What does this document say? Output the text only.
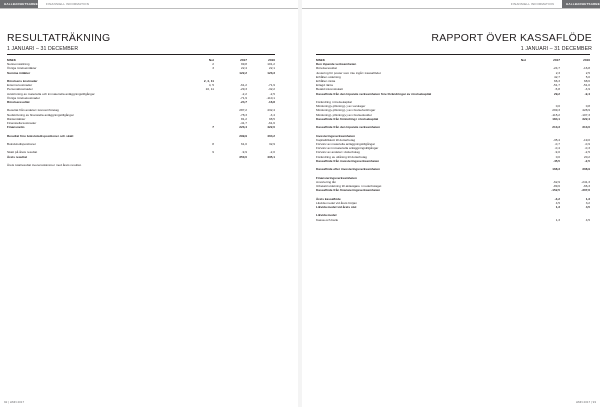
HALLBARHETSARBETE FINANSIELL INFORMATION
RESULTATRÄKNING
1 JANUARI – 31 DECEMBER
MSEK	Not	2017	2016
Nettoomsättning	2	99,8	101,2
Övriga rörelseintäkter	3	22,4	22,1
Summa intäkter		122,2	123,3

Rörelsens kostnader	2, 4, 11		
Externa kostnader	4, 5	-61,2	-71,9
Personalkostnader	10, 11	-29,3	-32,2
Avskrivning av materiella och immateriella anläggningstillgångar		-2,2	-2,5
Övriga rörelsekostnader		-71,9	-110,1
Rörelseresultat		-24,7	-16,8

Resultat från andelar i koncernföretag		287,2	432,4
Nedskrivning av finansiella anläggningstillgångar		-78,3	-3,4
Ränteintäkter		81,2	98,5
Finansiella kostnader		-41,7	-61,6
Finansnetto	7	223,4	422,0

Resultat före bokslutsdispositioner och skatt		299,9	404,2

Bokslutsdispositioner	8	61,0	32,9

Skatt på årets resultat	9	-9,9	-2,0
Årets resultat		350,0	435,1

Årets totalresultat överensstämmer med årets resultat.			
92 | HMN 2017
HALLBARHETSARBETE
FINANSIELL INFORMATION
RAPPORT ÖVER KASSAFLÖDE
1 JANUARI – 31 DECEMBER
MSEK	Not	2017	2016
Den löpande verksamheten			
Rörelseresultat		-24,7	-16,8
Justering för poster som inte ingår i kassaflödet		2,3	2,5
Erhållen utdelning		42,7	5,0
Erhållen ränta		66,3	68,6
Erlagd ränta		-51,7	-51,0
Betald inkomstskatt		-5,8	-3,9
Kassaflöde från den löpande verksamheten före förändringar av rörelsekapital		29,2	-9,4

Förändring i rörelsekapital			
Minskning(+)/ökning(–) av varulager		0,0	0,8
Minskning(+)/ökning(–) av rörelsefordringar		299,3	428,9
Minskning(–)/ökning(+) av rörelseskulder		-115,2	-107,3
Kassaflöde från förändring i rörelsekapital		184,1	322,4

Kassaflöde från den löpande verksamheten		213,3	313,0

Investeringsverksamheten			
Kapitaltillskott till dotterbolag		-35,4	-19,0
Förvärv av materiella anläggningstillgångar		-0,7	-0,9
Förvärv av immateriella anläggningstillgångar		-0,4	-0,3
Förvärv av andelar i dotterbolag		-9,0	-2,5
Förändring av utlåning till dotterbolag		0,0	20,2
Kassaflöde från investeringsverksamheten		-45,5	-2,5

Kassaflöde efter investeringsverksamheten		168,3	308,9

Finansieringsverksamheten			
Amortering lån		-62,9	-241,3
Utbetald utdelning till aktieägare i moderbolaget		-89,6	-66,3
Kassaflöde från finansieringsverksamheten		-152,5	-307,6

Årets kassaflöde		-3,2	1,3
Likvida medel vid årets början		4,5	3,2
Likvida medel vid årets slut		1,3	4,5

Likvida medel			
Kassa och bank		1,3	4,5
HMN 2017 | 93
